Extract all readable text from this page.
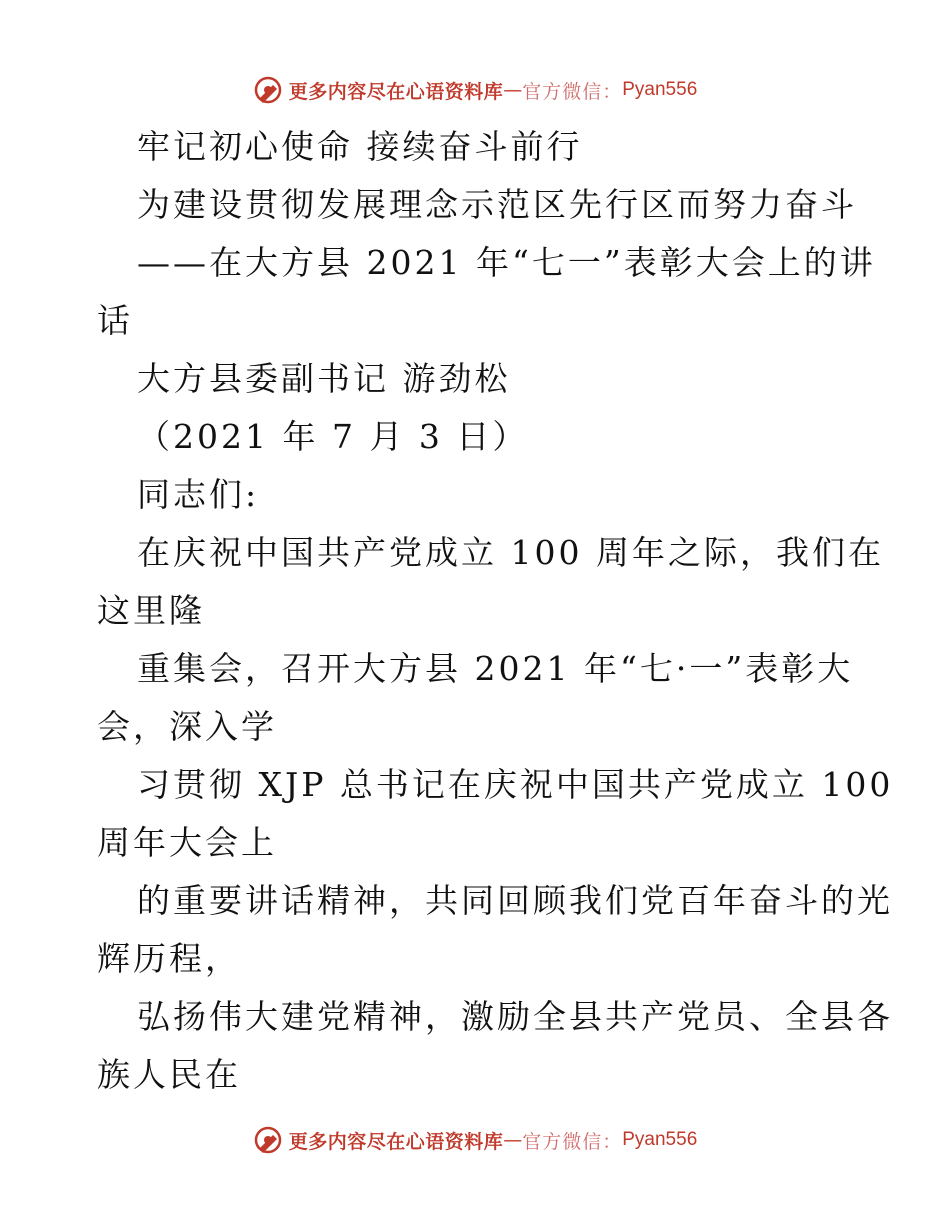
更多内容尽在心语资料库 — 官方微信： Pyan556
牢记初心使命 接续奋斗前行
为建设贯彻发展理念示范区先行区而努力奋斗
——在大方县 2021 年“七一”表彰大会上的讲
话
大方县委副书记 游劲松
（2021 年 7 月 3 日）
同志们:
在庆祝中国共产党成立 100 周年之际，我们在
这里隆
重集会，召开大方县 2021 年“七·一”表彰大
会，深入学
习贯彻 XJP 总书记在庆祝中国共产党成立 100
周年大会上
的重要讲话精神，共同回顾我们党百年奋斗的光
辉历程，
弘扬伟大建党精神，激励全县共产党员、全县各
族人民在
更多内容尽在心语资料库 — 官方微信： Pyan556
